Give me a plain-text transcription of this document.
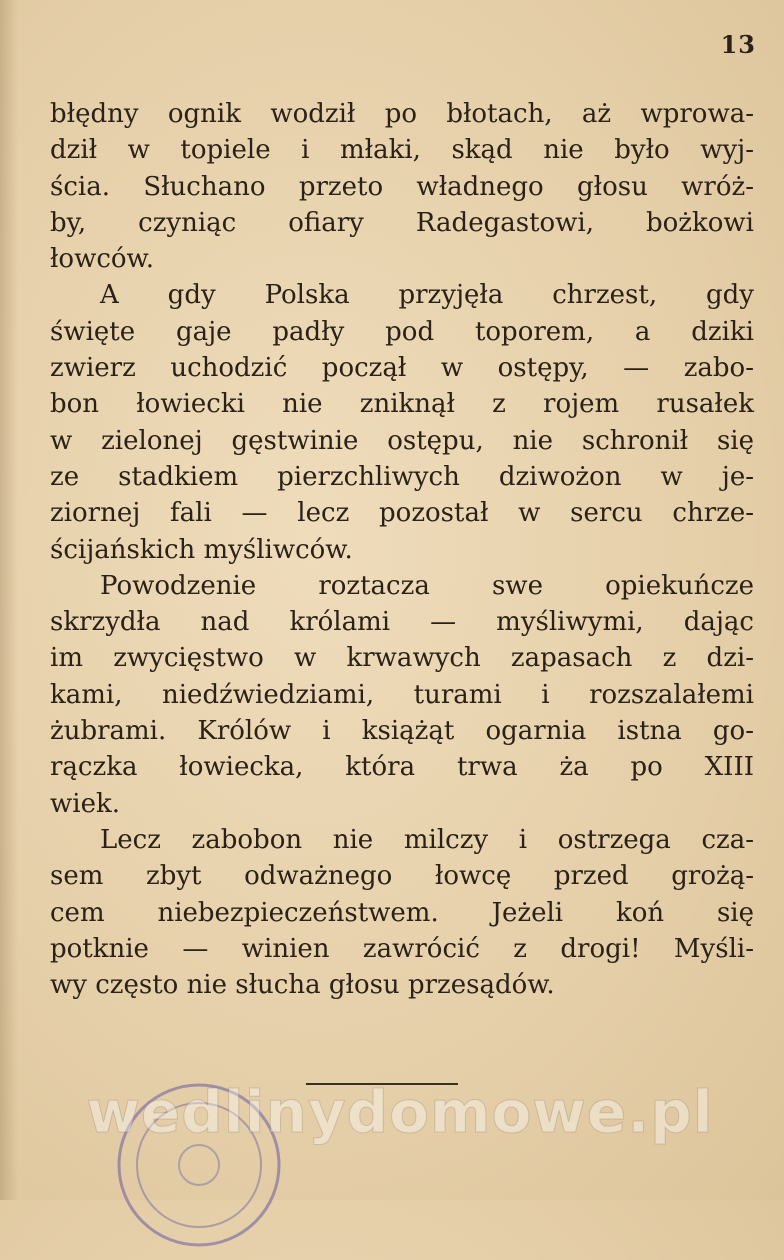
13
błędny ognik wodził po błotach, aż wprowa‑
dził w topiele i młaki, skąd nie było wyj‑
ścia. Słuchano przeto władnego głosu wróż‑
by, czyniąc ofiary Radegastowi, bożkowi
łowców.
A gdy Polska przyjęła chrzest, gdy
święte gaje padły pod toporem, a dziki
zwierz uchodzić począł w ostępy, — zabo‑
bon łowiecki nie zniknął z rojem rusałek
w zielonej gęstwinie ostępu, nie schronił się
ze stadkiem pierzchliwych dziwożon w je‑
ziornej fali — lecz pozostał w sercu chrze‑
ścijańskich myśliwców.
Powodzenie roztacza swe opiekuńcze
skrzydła nad królami — myśliwymi, dając
im zwycięstwo w krwawych zapasach z dzi‑
kami, niedźwiedziami, turami i rozszalałemi
żubrami. Królów i książąt ogarnia istna go‑
rączka łowiecka, która trwa ża po XIII
wiek.
Lecz zabobon nie milczy i ostrzega cza‑
sem zbyt odważnego łowcę przed grożą‑
cem niebezpieczeństwem. Jeżeli koń się
potknie — winien zawrócić z drogi! Myśli‑
wy często nie słucha głosu przesądów.
wedlinydomowe.pl
